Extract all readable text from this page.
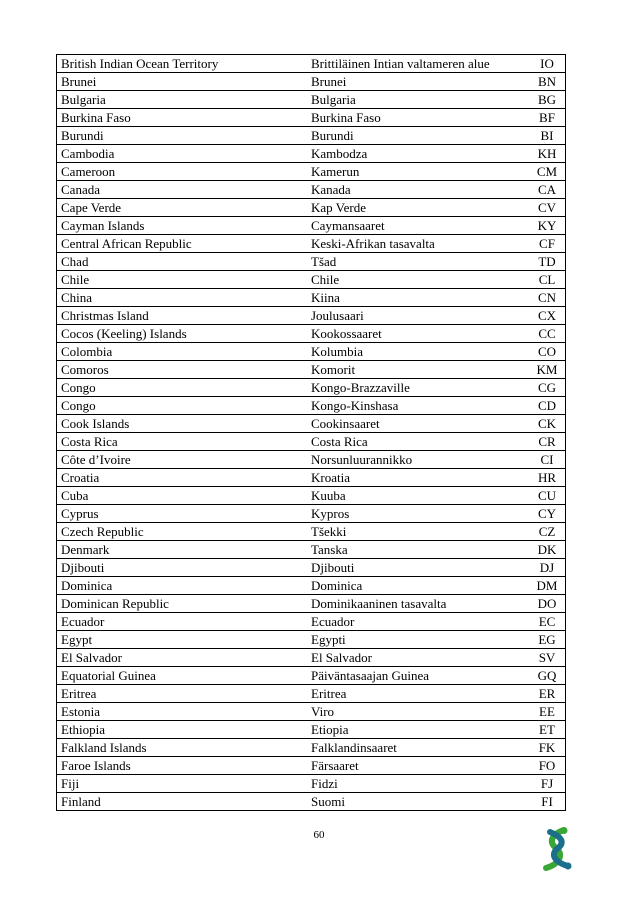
British Indian Ocean Territory	Brittiläinen Intian valtameren alue	IO
Brunei	Brunei	BN
Bulgaria	Bulgaria	BG
Burkina Faso	Burkina Faso	BF
Burundi	Burundi	BI
Cambodia	Kambodza	KH
Cameroon	Kamerun	CM
Canada	Kanada	CA
Cape Verde	Kap Verde	CV
Cayman Islands	Caymansaaret	KY
Central African Republic	Keski-Afrikan tasavalta	CF
Chad	Tšad	TD
Chile	Chile	CL
China	Kiina	CN
Christmas Island	Joulusaari	CX
Cocos (Keeling) Islands	Kookossaaret	CC
Colombia	Kolumbia	CO
Comoros	Komorit	KM
Congo	Kongo-Brazzaville	CG
Congo	Kongo-Kinshasa	CD
Cook Islands	Cookinsaaret	CK
Costa Rica	Costa Rica	CR
Côte d’Ivoire	Norsunluurannikko	CI
Croatia	Kroatia	HR
Cuba	Kuuba	CU
Cyprus	Kypros	CY
Czech Republic	Tšekki	CZ
Denmark	Tanska	DK
Djibouti	Djibouti	DJ
Dominica	Dominica	DM
Dominican Republic	Dominikaaninen tasavalta	DO
Ecuador	Ecuador	EC
Egypt	Egypti	EG
El Salvador	El Salvador	SV
Equatorial Guinea	Päiväntasaajan Guinea	GQ
Eritrea	Eritrea	ER
Estonia	Viro	EE
Ethiopia	Etiopia	ET
Falkland Islands	Falklandinsaaret	FK
Faroe Islands	Färsaaret	FO
Fiji	Fidzi	FJ
Finland	Suomi	FI
60
